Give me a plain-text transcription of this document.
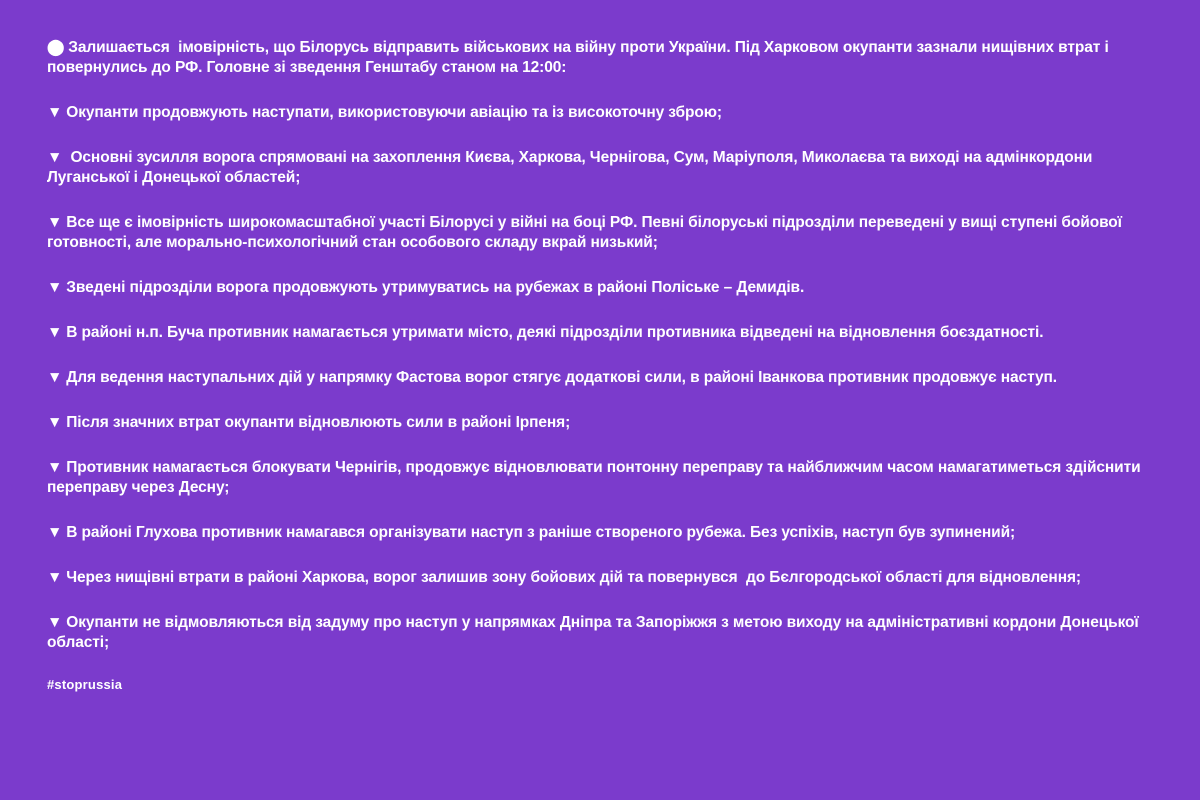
⬤ Залишається  імовірність, що Білорусь відправить військових на війну проти України. Під Харковом окупанти зазнали нищівних втрат і повернулись до РФ. Головне зі зведення Генштабу станом на 12:00:

▼ Окупанти продовжують наступати, використовуючи авіацію та із високоточну зброю;

▼ Основні зусилля ворога спрямовані на захоплення Києва, Харкова, Чернігова, Сум, Маріуполя, Миколаєва та виході на адмінкордони Луганської і Донецької областей;

▼ Все ще є імовірність широкомасштабної участі Білорусі у війні на боці РФ. Певні білоруські підрозділи переведені у вищі ступені бойової готовності, але морально-психологічний стан особового складу вкрай низький;

▼ Зведені підрозділи ворога продовжують утримуватись на рубежах в районі Поліське – Демидів.

▼ В районі н.п. Буча противник намагається утримати місто, деякі підрозділи противника відведені на відновлення боєздатності.

▼ Для ведення наступальних дій у напрямку Фастова ворог стягує додаткові сили, в районі Іванкова противник продовжує наступ.

▼ Після значних втрат окупанти відновлюють сили в районі Ірпеня;

▼ Противник намагається блокувати Чернігів, продовжує відновлювати понтонну переправу та найближчим часом намагатиметься здійснити переправу через Десну;

▼ В районі Глухова противник намагався організувати наступ з раніше створеного рубежа. Без успіхів, наступ був зупинений;

▼ Через нищівні втрати в районі Харкова, ворог залишив зону бойових дій та повернувся  до Бєлгородської області для відновлення;

▼ Окупанти не відмовляються від задуму про наступ у напрямках Дніпра та Запоріжжя з метою виходу на адміністративні кордони Донецької області;

#stoprussia
